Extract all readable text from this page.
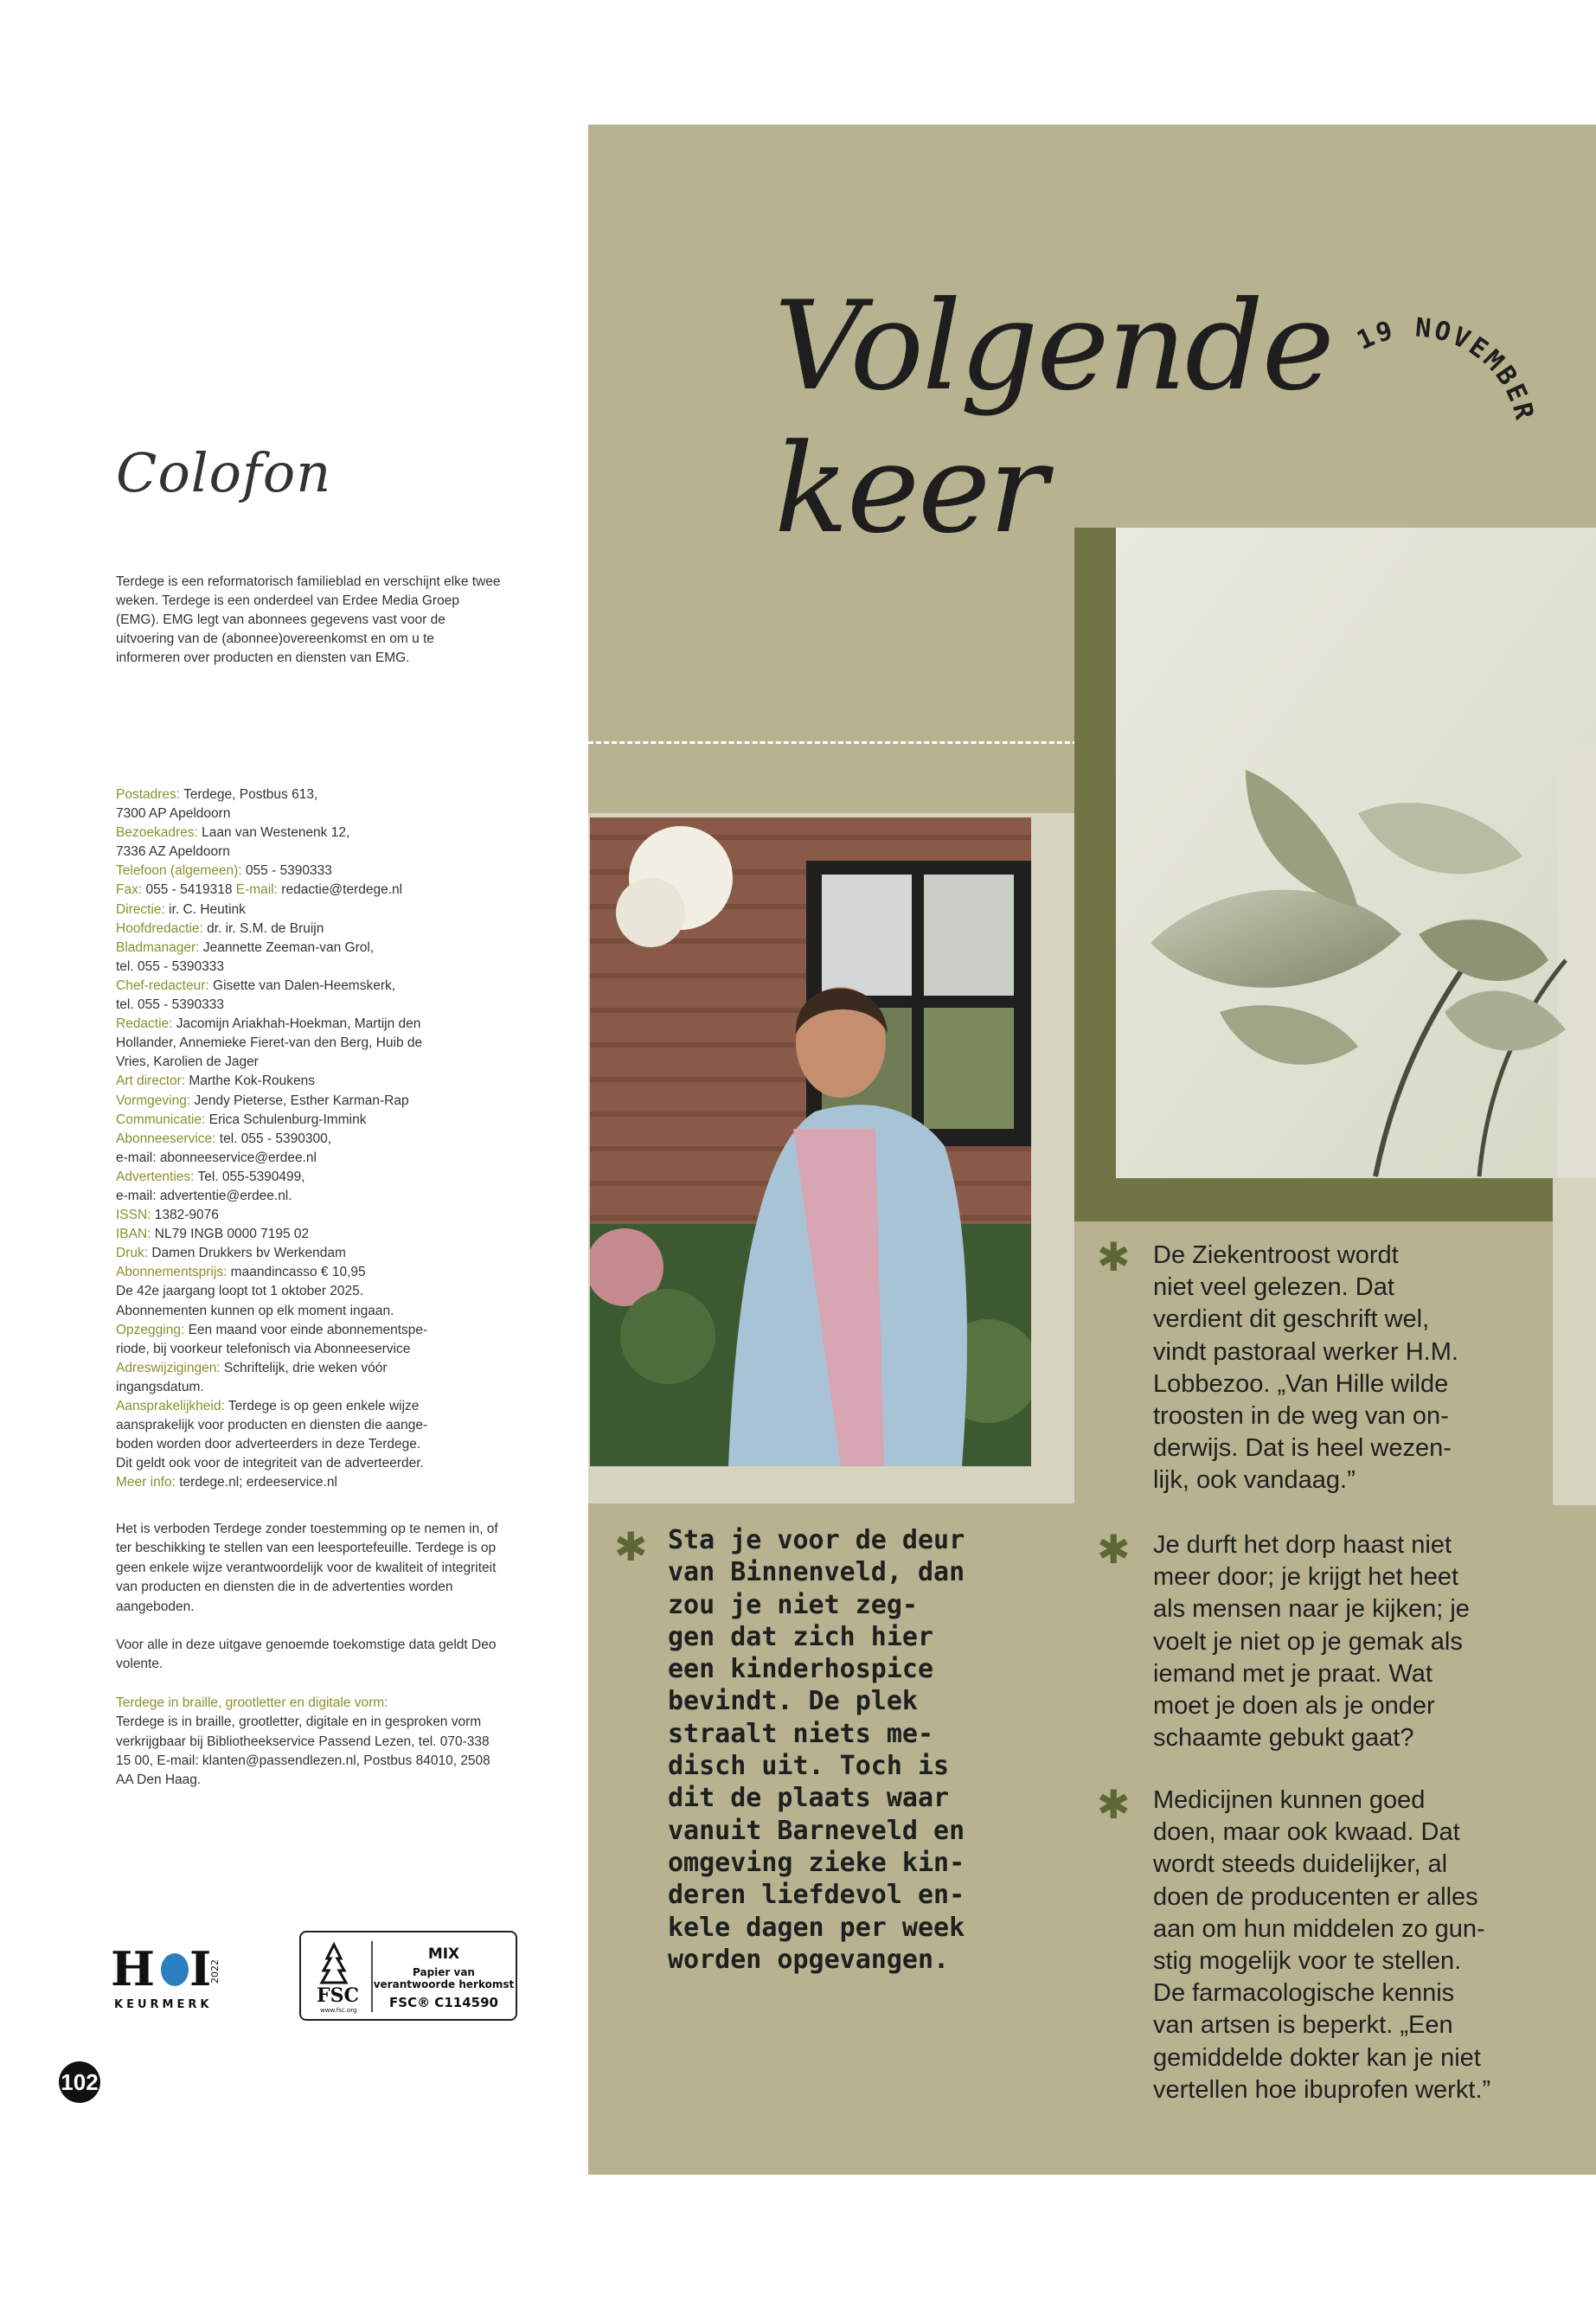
Colofon
Terdege is een reformatorisch familieblad en verschijnt elke twee weken. Terdege is een onderdeel van Erdee Media Groep (EMG). EMG legt van abonnees gegevens vast voor de uitvoering van de (abonnee)overeenkomst en om u te informeren over producten en diensten van EMG.
Postadres: Terdege, Postbus 613,
7300 AP Apeldoorn
Bezoekadres: Laan van Westenenk 12,
7336 AZ Apeldoorn
Telefoon (algemeen): 055 - 5390333
Fax: 055 - 5419318 E-mail: redactie@terdege.nl
Directie: ir. C. Heutink
Hoofdredactie: dr. ir. S.M. de Bruijn
Bladmanager: Jeannette Zeeman-van Grol,
tel. 055 - 5390333
Chef-redacteur: Gisette van Dalen-Heemskerk,
tel. 055 - 5390333
Redactie: Jacomijn Ariakhah-Hoekman, Martijn den
Hollander, Annemieke Fieret-van den Berg, Huib de
Vries, Karolien de Jager
Art director: Marthe Kok-Roukens
Vormgeving: Jendy Pieterse, Esther Karman-Rap
Communicatie: Erica Schulenburg-Immink
Abonneeservice: tel. 055 - 5390300,
e-mail: abonneeservice@erdee.nl
Advertenties: Tel. 055-5390499,
e-mail: advertentie@erdee.nl.
ISSN: 1382-9076
IBAN: NL79 INGB 0000 7195 02
Druk: Damen Drukkers bv Werkendam
Abonnementsprijs: maandincasso € 10,95
De 42e jaargang loopt tot 1 oktober 2025.
Abonnementen kunnen op elk moment ingaan.
Opzegging: Een maand voor einde abonnementspe-
riode, bij voorkeur telefonisch via Abonneeservice
Adreswijzigingen: Schriftelijk, drie weken vóór
ingangsdatum.
Aansprakelijkheid: Terdege is op geen enkele wijze
aansprakelijk voor producten en diensten die aange-
boden worden door adverteerders in deze Terdege.
Dit geldt ook voor de integriteit van de adverteerder.
Meer info: terdege.nl; erdeeservice.nl

Het is verboden Terdege zonder toestemming op te nemen in, of ter beschikking te stellen van een leesportefeuille. Terdege is op geen enkele wijze verantwoordelijk voor de kwaliteit of integriteit van producten en diensten die in de advertenties worden aangeboden.

Voor alle in deze uitgave genoemde toekomstige data geldt Deo volente.

Terdege in braille, grootletter en digitale vorm:
Terdege is in braille, grootletter, digitale en in gesproken vorm verkrijgbaar bij Bibliotheekservice Passend Lezen, tel. 070-338 15 00, E-mail: klanten@passendlezen.nl, Postbus 84010, 2508 AA Den Haag.

H I
2022
KEURMERK	FSC
www.fsc.org
MIX
Papier van
verantwoorde herkomst
FSC® C114590
102
Volgende keer
19 NOVEMBER
✱ Sta je voor de deur
van Binnenveld, dan
zou je niet zeg-
gen dat zich hier
een kinderhospice
bevindt. De plek
straalt niets me-
disch uit. Toch is
dit de plaats waar
vanuit Barneveld en
omgeving zieke kin-
deren liefdevol en-
kele dagen per week
worden opgevangen.
✱ De Ziekentroost wordt
niet veel gelezen. Dat
verdient dit geschrift wel,
vindt pastoraal werker H.M.
Lobbezoo. „Van Hille wilde
troosten in de weg van on-
derwijs. Dat is heel wezen-
lijk, ook vandaag.”
✱ Je durft het dorp haast niet
meer door; je krijgt het heet
als mensen naar je kijken; je
voelt je niet op je gemak als
iemand met je praat. Wat
moet je doen als je onder
schaamte gebukt gaat?
✱ Medicijnen kunnen goed
doen, maar ook kwaad. Dat
wordt steeds duidelijker, al
doen de producenten er alles
aan om hun middelen zo gun-
stig mogelijk voor te stellen.
De farmacologische kennis
van artsen is beperkt. „Een
gemiddelde dokter kan je niet
vertellen hoe ibuprofen werkt.”
